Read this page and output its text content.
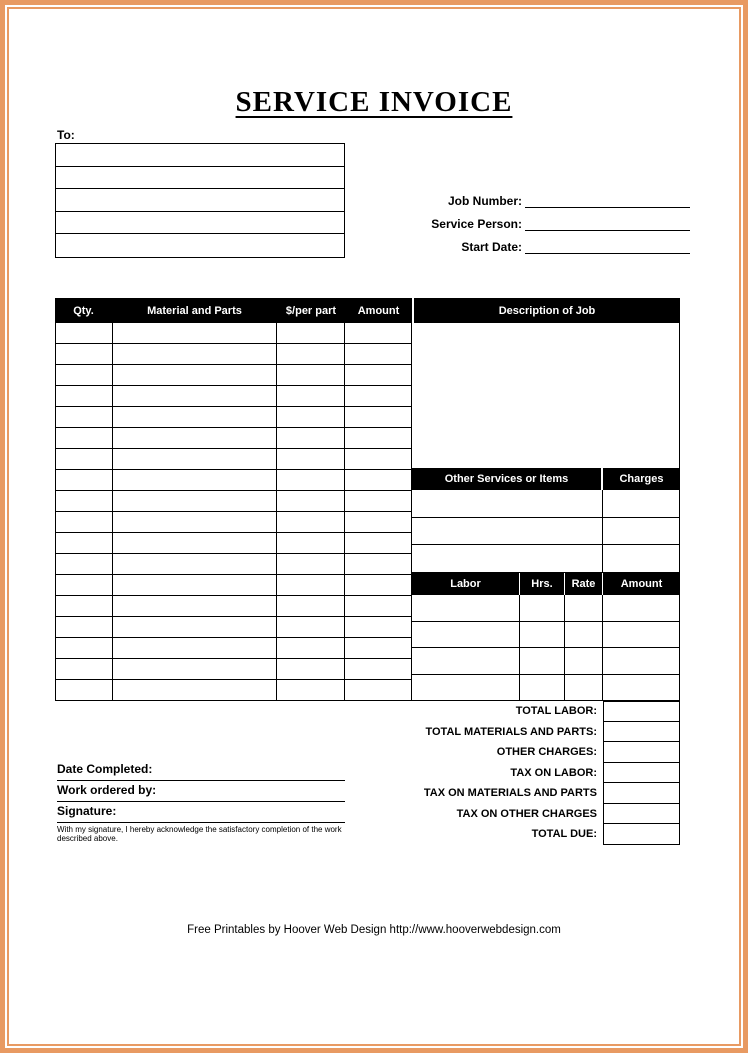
SERVICE INVOICE
To:
Job Number:
Service Person:
Start Date:
Qty.	Material and Parts	$/per part	Amount	Description of Job
Other Services or Items	Charges
Labor	Hrs.	Rate	Amount
TOTAL LABOR:
TOTAL MATERIALS AND PARTS:
OTHER CHARGES:
TAX ON LABOR:
TAX ON MATERIALS AND PARTS
TAX ON OTHER CHARGES
TOTAL DUE:
Date Completed:
Work ordered by:
Signature:
With my signature, I hereby acknowledge the satisfactory completion of the work described above.
Free Printables by Hoover Web Design http://www.hooverwebdesign.com
